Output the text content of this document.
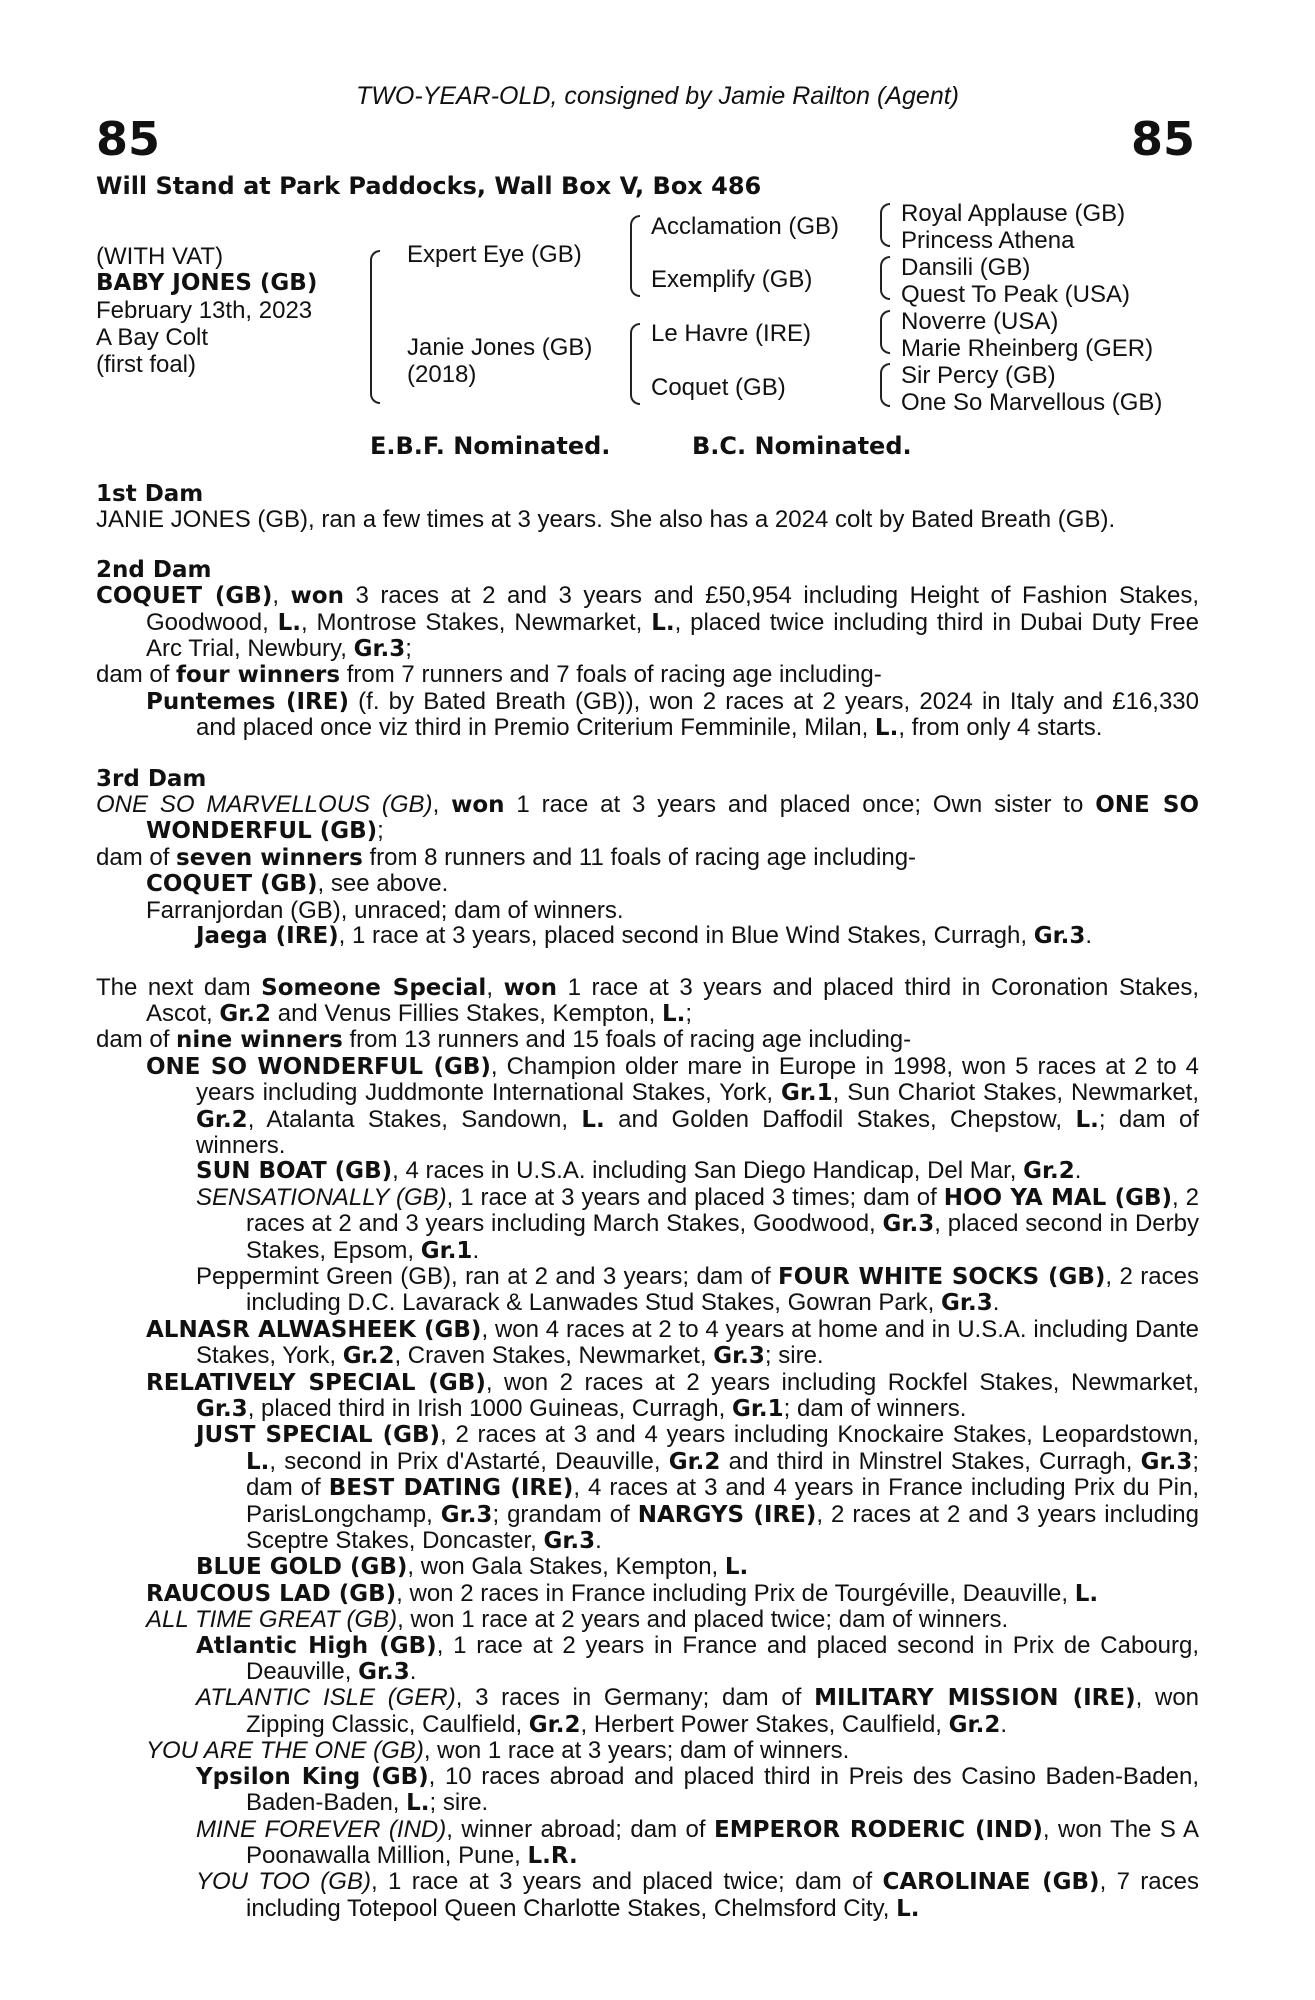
TWO-YEAR-OLD, consigned by Jamie Railton (Agent)
85	85
Will Stand at Park Paddocks, Wall Box V, Box 486
(WITH VAT)
BABY JONES (GB)
February 13th, 2023
A Bay Colt
(first foal)
Expert Eye (GB)
Janie Jones (GB)
(2018)
Acclamation (GB)
Exemplify (GB)
Le Havre (IRE)
Coquet (GB)
Royal Applause (GB)
Princess Athena
Dansili (GB)
Quest To Peak (USA)
Noverre (USA)
Marie Rheinberg (GER)
Sir Percy (GB)
One So Marvellous (GB)
E.B.F. Nominated.	B.C. Nominated.
1st Dam

JANIE JONES (GB), ran a few times at 3 years. She also has a 2024 colt by Bated Breath (GB).

2nd Dam

COQUET (GB), won 3 races at 2 and 3 years and £50,954 including Height of Fashion Stakes, Goodwood, L., Montrose Stakes, Newmarket, L., placed twice including third in Dubai Duty Free Arc Trial, Newbury, Gr.3;

dam of four winners from 7 runners and 7 foals of racing age including-

Puntemes (IRE) (f. by Bated Breath (GB)), won 2 races at 2 years, 2024 in Italy and £16,330 and placed once viz third in Premio Criterium Femminile, Milan, L., from only 4 starts.

3rd Dam

ONE SO MARVELLOUS (GB), won 1 race at 3 years and placed once; Own sister to ONE SO WONDERFUL (GB);

dam of seven winners from 8 runners and 11 foals of racing age including-

COQUET (GB), see above.

Farranjordan (GB), unraced; dam of winners.

Jaega (IRE), 1 race at 3 years, placed second in Blue Wind Stakes, Curragh, Gr.3.

The next dam Someone Special, won 1 race at 3 years and placed third in Coronation Stakes, Ascot, Gr.2 and Venus Fillies Stakes, Kempton, L.;

dam of nine winners from 13 runners and 15 foals of racing age including-

ONE SO WONDERFUL (GB), Champion older mare in Europe in 1998, won 5 races at 2 to 4 years including Juddmonte International Stakes, York, Gr.1, Sun Chariot Stakes, Newmarket, Gr.2, Atalanta Stakes, Sandown, L. and Golden Daffodil Stakes, Chepstow, L.; dam of winners.

SUN BOAT (GB), 4 races in U.S.A. including San Diego Handicap, Del Mar, Gr.2.

SENSATIONALLY (GB), 1 race at 3 years and placed 3 times; dam of HOO YA MAL (GB), 2 races at 2 and 3 years including March Stakes, Goodwood, Gr.3, placed second in Derby Stakes, Epsom, Gr.1.

Peppermint Green (GB), ran at 2 and 3 years; dam of FOUR WHITE SOCKS (GB), 2 races including D.C. Lavarack & Lanwades Stud Stakes, Gowran Park, Gr.3.

ALNASR ALWASHEEK (GB), won 4 races at 2 to 4 years at home and in U.S.A. including Dante Stakes, York, Gr.2, Craven Stakes, Newmarket, Gr.3; sire.

RELATIVELY SPECIAL (GB), won 2 races at 2 years including Rockfel Stakes, Newmarket, Gr.3, placed third in Irish 1000 Guineas, Curragh, Gr.1; dam of winners.

JUST SPECIAL (GB), 2 races at 3 and 4 years including Knockaire Stakes, Leopardstown, L., second in Prix d'Astarté, Deauville, Gr.2 and third in Minstrel Stakes, Curragh, Gr.3; dam of BEST DATING (IRE), 4 races at 3 and 4 years in France including Prix du Pin, ParisLongchamp, Gr.3; grandam of NARGYS (IRE), 2 races at 2 and 3 years including Sceptre Stakes, Doncaster, Gr.3.

BLUE GOLD (GB), won Gala Stakes, Kempton, L.

RAUCOUS LAD (GB), won 2 races in France including Prix de Tourgéville, Deauville, L.

ALL TIME GREAT (GB), won 1 race at 2 years and placed twice; dam of winners.

Atlantic High (GB), 1 race at 2 years in France and placed second in Prix de Cabourg, Deauville, Gr.3.

ATLANTIC ISLE (GER), 3 races in Germany; dam of MILITARY MISSION (IRE), won Zipping Classic, Caulfield, Gr.2, Herbert Power Stakes, Caulfield, Gr.2.

YOU ARE THE ONE (GB), won 1 race at 3 years; dam of winners.

Ypsilon King (GB), 10 races abroad and placed third in Preis des Casino Baden-Baden, Baden-Baden, L.; sire.

MINE FOREVER (IND), winner abroad; dam of EMPEROR RODERIC (IND), won The S A Poonawalla Million, Pune, L.R.

YOU TOO (GB), 1 race at 3 years and placed twice; dam of CAROLINAE (GB), 7 races including Totepool Queen Charlotte Stakes, Chelmsford City, L.
